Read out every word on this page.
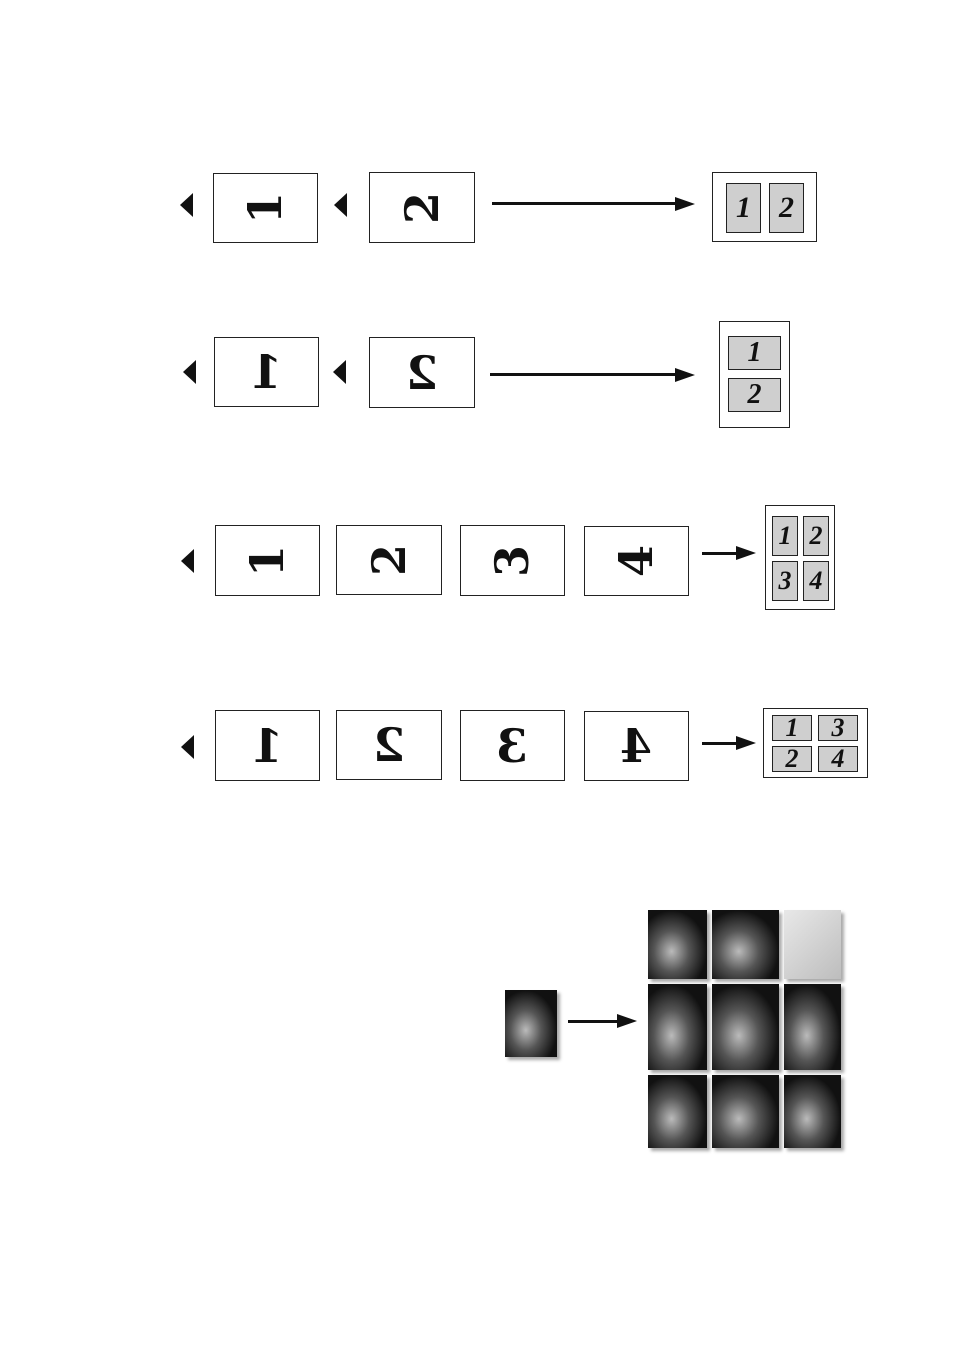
1 2	1 2
1	2	1
2
1 2 3 4
1 2
3 4
1 2 3 4	1	3
2	4
